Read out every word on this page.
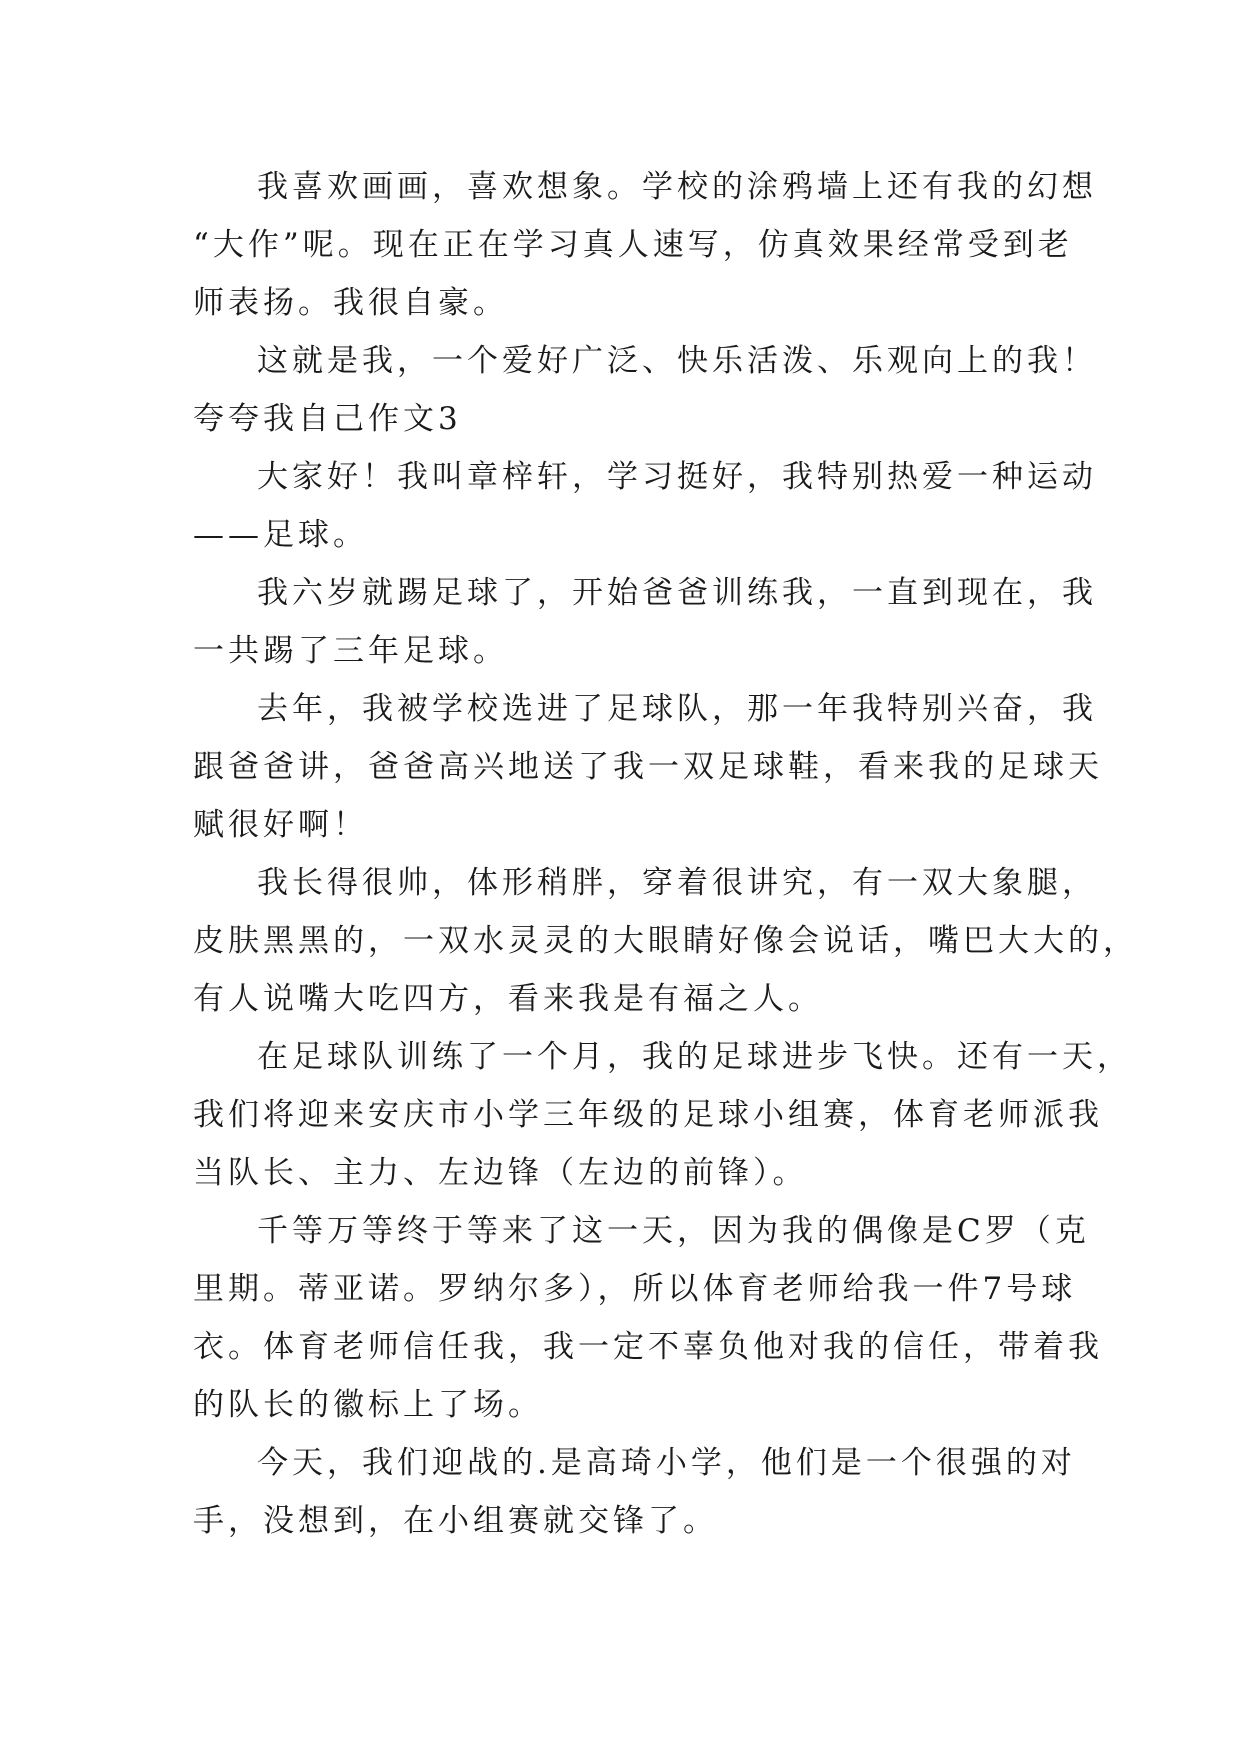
我喜欢画画，喜欢想象。学校的涂鸦墙上还有我的幻想
“大作”呢。现在正在学习真人速写，仿真效果经常受到老
师表扬。我很自豪。
这就是我，一个爱好广泛、快乐活泼、乐观向上的我！
夸夸我自己作文3
大家好！我叫章梓轩，学习挺好，我特别热爱一种运动
——足球。
我六岁就踢足球了，开始爸爸训练我，一直到现在，我
一共踢了三年足球。
去年，我被学校选进了足球队，那一年我特别兴奋，我
跟爸爸讲，爸爸高兴地送了我一双足球鞋，看来我的足球天
赋很好啊！
我长得很帅，体形稍胖，穿着很讲究，有一双大象腿，
皮肤黑黑的，一双水灵灵的大眼睛好像会说话，嘴巴大大的，
有人说嘴大吃四方，看来我是有福之人。
在足球队训练了一个月，我的足球进步飞快。还有一天，
我们将迎来安庆市小学三年级的足球小组赛，体育老师派我
当队长、主力、左边锋（左边的前锋）。
千等万等终于等来了这一天，因为我的偶像是C罗（克
里期。蒂亚诺。罗纳尔多），所以体育老师给我一件7号球
衣。体育老师信任我，我一定不辜负他对我的信任，带着我
的队长的徽标上了场。
今天，我们迎战的.是高琦小学，他们是一个很强的对
手，没想到，在小组赛就交锋了。
